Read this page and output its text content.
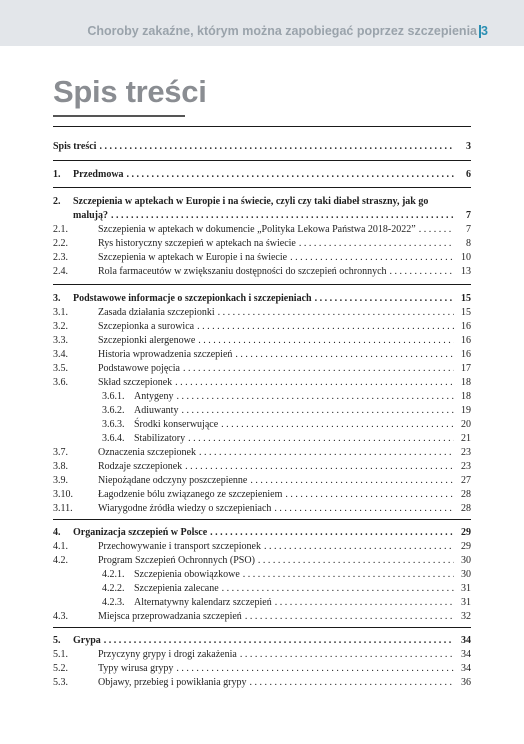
Choroby zakaźne, którym można zapobiegać poprzez szczepienia 3
Spis treści
Spis treści . . .	3
1.	Przedmowa . . .	6
2.	Szczepienia w aptekach w Europie i na świecie, czyli czy taki diabeł straszny, jak go
malują? . . .	7
2.1.	Szczepienia w aptekach w dokumencie „Polityka Lekowa Państwa 2018-2022” . . .	7
2.2.	Rys historyczny szczepień w aptekach na świecie . . .	8
2.3.	Szczepienia w aptekach w Europie i na świecie . . .	10
2.4.	Rola farmaceutów w zwiększaniu dostępności do szczepień ochronnych . . .	13
3.	Podstawowe informacje o szczepionkach i szczepieniach . . .	15
3.1.	Zasada działania szczepionki . . .	15
3.2.	Szczepionka a surowica . . .	16
3.3.	Szczepionki alergenowe . . .	16
3.4.	Historia wprowadzenia szczepień . . .	16
3.5.	Podstawowe pojęcia . . .	17
3.6.	Skład szczepionek . . .	18
3.6.1. Antygeny . . .	18
3.6.2. Adiuwanty . . .	19
3.6.3. Środki konserwujące . . .	20
3.6.4. Stabilizatory . . .	21
3.7.	Oznaczenia szczepionek . . .	23
3.8.	Rodzaje szczepionek . . .	23
3.9.	Niepożądane odczyny poszczepienne . . .	27
3.10.	Łagodzenie bólu związanego ze szczepieniem . . .	28
3.11.	Wiarygodne źródła wiedzy o szczepieniach . . .	28
4.	Organizacja szczepień w Polsce . . .	29
4.1.	Przechowywanie i transport szczepionek . . .	29
4.2.	Program Szczepień Ochronnych (PSO) . . .	30
4.2.1. Szczepienia obowiązkowe . . .	30
4.2.2. Szczepienia zalecane . . .	31
4.2.3. Alternatywny kalendarz szczepień . . .	31
4.3.	Miejsca przeprowadzania szczepień . . .	32
5.	Grypa . . .	34
5.1.	Przyczyny grypy i drogi zakażenia . . .	34
5.2.	Typy wirusa grypy . . .	34
5.3.	Objawy, przebieg i powikłania grypy . . .	36
